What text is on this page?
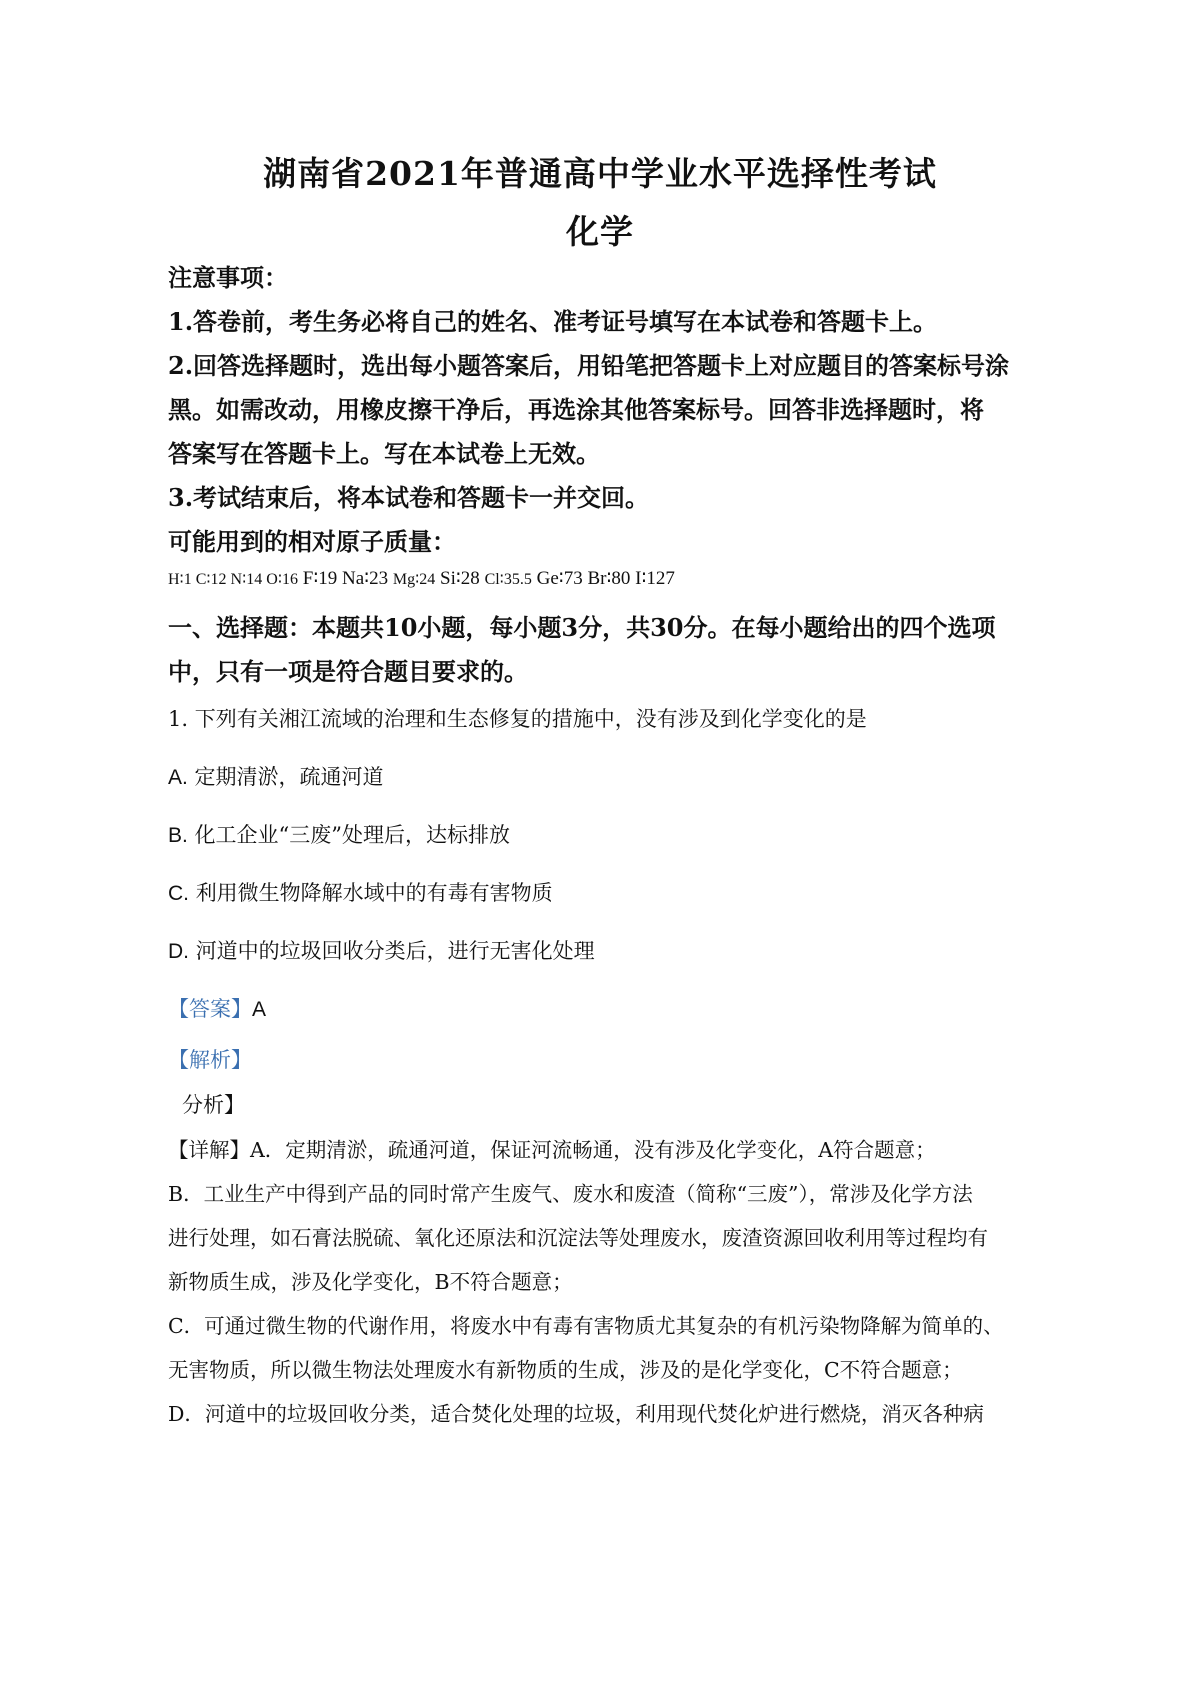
湖南省2021年普通高中学业水平选择性考试
化学
注意事项：
1.答卷前，考生务必将自己的姓名、准考证号填写在本试卷和答题卡上。
2.回答选择题时，选出每小题答案后，用铅笔把答题卡上对应题目的答案标号涂
黑。如需改动，用橡皮擦干净后，再选涂其他答案标号。回答非选择题时，将
答案写在答题卡上。写在本试卷上无效。
3.考试结束后，将本试卷和答题卡一并交回。
可能用到的相对原子质量：
H∶1 C∶12 N∶14 O∶16 F∶19 Na∶23 Mg∶24 Si∶28 Cl∶35.5 Ge∶73 Br∶80 I∶127
一、选择题：本题共10小题，每小题3分，共30分。在每小题给出的四个选项
中，只有一项是符合题目要求的。
1. 下列有关湘江流域的治理和生态修复的措施中，没有涉及到化学变化的是
A. 定期清淤，疏通河道
B. 化工企业“三废”处理后，达标排放
C. 利用微生物降解水域中的有毒有害物质
D. 河道中的垃圾回收分类后，进行无害化处理
【答案】A
【解析】
分析】
【详解】A．定期清淤，疏通河道，保证河流畅通，没有涉及化学变化，A符合题意；
B．工业生产中得到产品的同时常产生废气、废水和废渣（简称“三废”），常涉及化学方法
进行处理，如石膏法脱硫、氧化还原法和沉淀法等处理废水，废渣资源回收利用等过程均有
新物质生成，涉及化学变化，B不符合题意；
C．可通过微生物的代谢作用，将废水中有毒有害物质尤其复杂的有机污染物降解为简单的、
无害物质，所以微生物法处理废水有新物质的生成，涉及的是化学变化，C不符合题意；
D．河道中的垃圾回收分类，适合焚化处理的垃圾，利用现代焚化炉进行燃烧，消灭各种病
